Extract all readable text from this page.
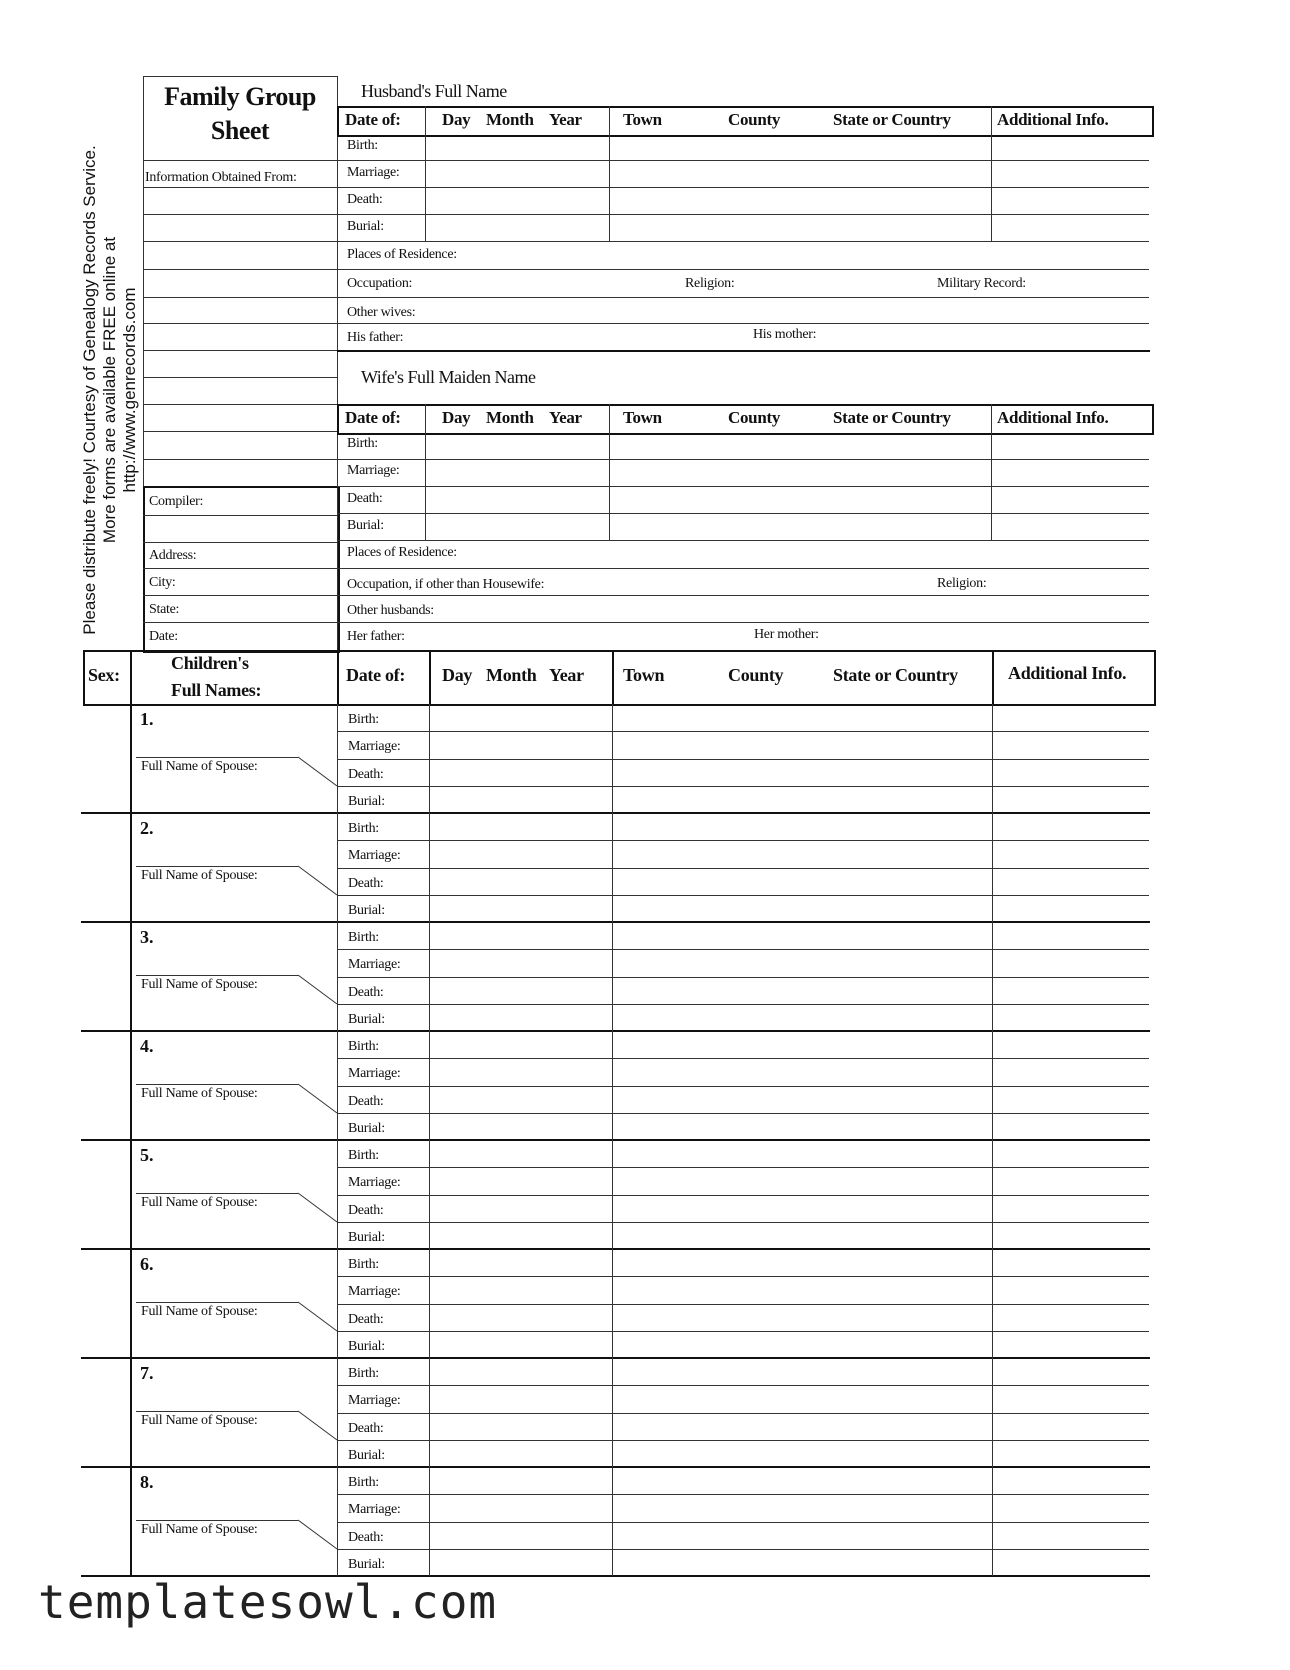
Please distribute freely! Courtesy of Genealogy Records Service. More forms are available FREE online at http://www.genrecords.com
Family Group
Sheet
Information Obtained From:
Compiler:
Address:
City:
State:
Date:
Husband's Full Name
Date of: Day Month Year Town	County	State or Country	Additional Info.
Birth:
Marriage:
Death:
Burial:
Places of Residence:
Occupation:	Religion:	Military Record:
Other wives:
His father:	His mother:
Wife's Full Maiden Name
Date of: Day Month Year Town	County	State or Country	Additional Info.
Birth:
Marriage:
Death:
Burial:
Places of Residence:
Occupation, if other than Housewife:	Religion:
Other husbands:
Her father:	Her mother:
Sex:
Children's
Full Names:
Date of: Day Month Year Town	County	State or Country	Additional Info.
1.
Full Name of Spouse:
Birth:
Marriage:
Death:
Burial:
2.
Full Name of Spouse:
Birth:
Marriage:
Death:
Burial:
3.
Full Name of Spouse:
Birth:
Marriage:
Death:
Burial:
4.
Full Name of Spouse:
Birth:
Marriage:
Death:
Burial:
5.
Full Name of Spouse:
Birth:
Marriage:
Death:
Burial:
6.
Full Name of Spouse:
Birth:
Marriage:
Death:
Burial:
7.
Full Name of Spouse:
Birth:
Marriage:
Death:
Burial:
8.
Full Name of Spouse:
Birth:
Marriage:
Death:
Burial:
templatesowl.com
